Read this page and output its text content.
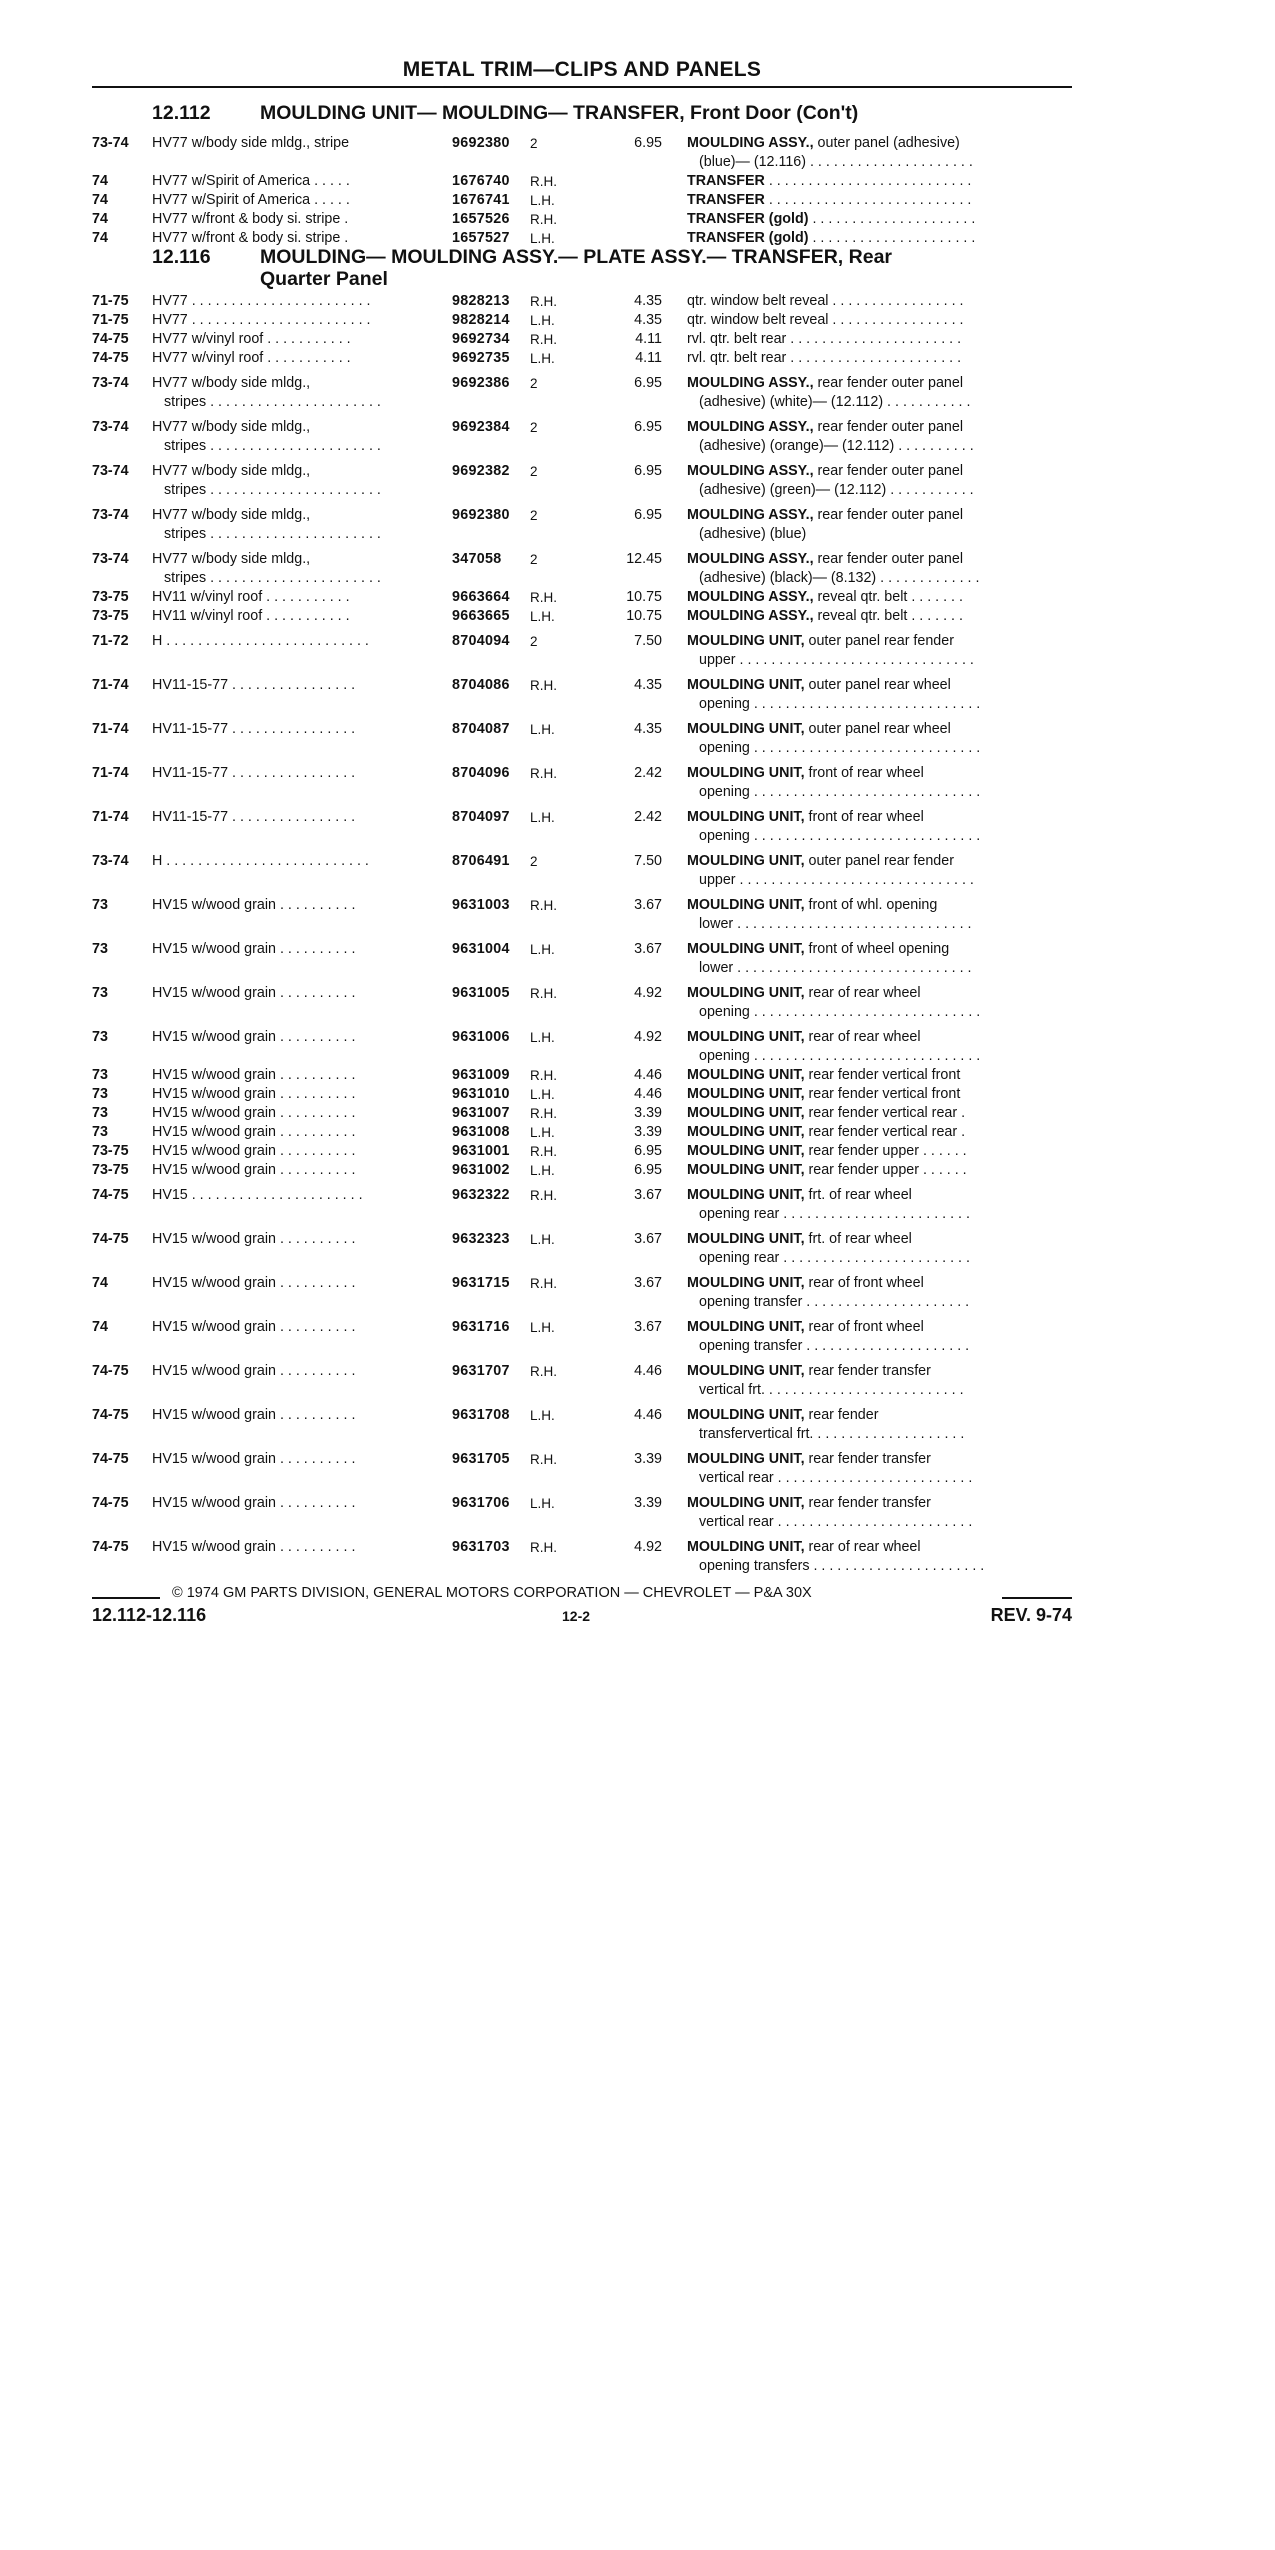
METAL TRIM—CLIPS AND PANELS
12.112	MOULDING UNIT— MOULDING— TRANSFER, Front Door (Con't)
73-74 HV77 w/body side mldg., stripe	9692380 2	6.95 MOULDING ASSY., outer panel (adhesive)
(blue)— (12.116) . . . . . . . . . . . . . . . . . . . . .
74	HV77 w/Spirit of America . . . . .	1676740 R.H.	TRANSFER . . . . . . . . . . . . . . . . . . . . . . . . . .
74	HV77 w/Spirit of America . . . . .	1676741 L.H.	TRANSFER . . . . . . . . . . . . . . . . . . . . . . . . . .
74	HV77 w/front & body si. stripe .	1657526 R.H.	TRANSFER (gold) . . . . . . . . . . . . . . . . . . . . .
74	HV77 w/front & body si. stripe .	1657527 L.H.	TRANSFER (gold) . . . . . . . . . . . . . . . . . . . . .
12.116	MOULDING— MOULDING ASSY.— PLATE ASSY.— TRANSFER, Rear
Quarter Panel
71-75 HV77 . . . . . . . . . . . . . . . . . . . . . . .	9828213 R.H.	4.35 qtr. window belt reveal . . . . . . . . . . . . . . . . .
71-75 HV77 . . . . . . . . . . . . . . . . . . . . . . .	9828214 L.H.	4.35 qtr. window belt reveal . . . . . . . . . . . . . . . . .
74-75 HV77 w/vinyl roof . . . . . . . . . . .	9692734 R.H.	4.11 rvl. qtr. belt rear . . . . . . . . . . . . . . . . . . . . . .
74-75 HV77 w/vinyl roof . . . . . . . . . . .	9692735 L.H.	4.11 rvl. qtr. belt rear . . . . . . . . . . . . . . . . . . . . . .
73-74 HV77 w/body side mldg.,
stripes . . . . . . . . . . . . . . . . . . . . . .
9692386 2	6.95 MOULDING ASSY., rear fender outer panel
(adhesive) (white)— (12.112) . . . . . . . . . . .
73-74 HV77 w/body side mldg.,
stripes . . . . . . . . . . . . . . . . . . . . . .
9692384 2	6.95 MOULDING ASSY., rear fender outer panel
(adhesive) (orange)— (12.112) . . . . . . . . . .
73-74 HV77 w/body side mldg.,
stripes . . . . . . . . . . . . . . . . . . . . . .
9692382 2	6.95 MOULDING ASSY., rear fender outer panel
(adhesive) (green)— (12.112) . . . . . . . . . . .
73-74 HV77 w/body side mldg.,
stripes . . . . . . . . . . . . . . . . . . . . . .
9692380 2	6.95 MOULDING ASSY., rear fender outer panel
(adhesive) (blue)
73-74 HV77 w/body side mldg.,
stripes . . . . . . . . . . . . . . . . . . . . . .
347058 2	12.45 MOULDING ASSY., rear fender outer panel
(adhesive) (black)— (8.132) . . . . . . . . . . . . .
73-75 HV11 w/vinyl roof . . . . . . . . . . .	9663664 R.H.	10.75 MOULDING ASSY., reveal qtr. belt . . . . . . .
73-75 HV11 w/vinyl roof . . . . . . . . . . .	9663665 L.H.	10.75 MOULDING ASSY., reveal qtr. belt . . . . . . .
71-72 H . . . . . . . . . . . . . . . . . . . . . . . . . .	8704094 2	7.50 MOULDING UNIT, outer panel rear fender
upper . . . . . . . . . . . . . . . . . . . . . . . . . . . . . .
71-74 HV11-15-77 . . . . . . . . . . . . . . . .	8704086 R.H.	4.35 MOULDING UNIT, outer panel rear wheel
opening . . . . . . . . . . . . . . . . . . . . . . . . . . . . .
71-74 HV11-15-77 . . . . . . . . . . . . . . . .	8704087 L.H.	4.35 MOULDING UNIT, outer panel rear wheel
opening . . . . . . . . . . . . . . . . . . . . . . . . . . . . .
71-74 HV11-15-77 . . . . . . . . . . . . . . . .	8704096 R.H.	2.42 MOULDING UNIT, front of rear wheel
opening . . . . . . . . . . . . . . . . . . . . . . . . . . . . .
71-74 HV11-15-77 . . . . . . . . . . . . . . . .	8704097 L.H.	2.42 MOULDING UNIT, front of rear wheel
opening . . . . . . . . . . . . . . . . . . . . . . . . . . . . .
73-74 H . . . . . . . . . . . . . . . . . . . . . . . . . .	8706491 2	7.50 MOULDING UNIT, outer panel rear fender
upper . . . . . . . . . . . . . . . . . . . . . . . . . . . . . .
73	HV15 w/wood grain . . . . . . . . . .	9631003 R.H.	3.67 MOULDING UNIT, front of whl. opening
lower . . . . . . . . . . . . . . . . . . . . . . . . . . . . . .
73	HV15 w/wood grain . . . . . . . . . .	9631004 L.H.	3.67 MOULDING UNIT, front of wheel opening
lower . . . . . . . . . . . . . . . . . . . . . . . . . . . . . .
73	HV15 w/wood grain . . . . . . . . . .	9631005 R.H.	4.92 MOULDING UNIT, rear of rear wheel
opening . . . . . . . . . . . . . . . . . . . . . . . . . . . . .
73	HV15 w/wood grain . . . . . . . . . .	9631006 L.H.	4.92 MOULDING UNIT, rear of rear wheel
opening . . . . . . . . . . . . . . . . . . . . . . . . . . . . .
73	HV15 w/wood grain . . . . . . . . . .	9631009 R.H.	4.46 MOULDING UNIT, rear fender vertical front
73	HV15 w/wood grain . . . . . . . . . .	9631010 L.H.	4.46 MOULDING UNIT, rear fender vertical front
73	HV15 w/wood grain . . . . . . . . . .	9631007 R.H.	3.39 MOULDING UNIT, rear fender vertical rear .
73	HV15 w/wood grain . . . . . . . . . .	9631008 L.H.	3.39 MOULDING UNIT, rear fender vertical rear .
73-75 HV15 w/wood grain . . . . . . . . . .	9631001 R.H.	6.95 MOULDING UNIT, rear fender upper . . . . . .
73-75 HV15 w/wood grain . . . . . . . . . .	9631002 L.H.	6.95 MOULDING UNIT, rear fender upper . . . . . .
74-75 HV15 . . . . . . . . . . . . . . . . . . . . . .	9632322 R.H.	3.67 MOULDING UNIT, frt. of rear wheel
opening rear . . . . . . . . . . . . . . . . . . . . . . . .
74-75 HV15 w/wood grain . . . . . . . . . .	9632323 L.H.	3.67 MOULDING UNIT, frt. of rear wheel
opening rear . . . . . . . . . . . . . . . . . . . . . . . .
74	HV15 w/wood grain . . . . . . . . . .	9631715 R.H.	3.67 MOULDING UNIT, rear of front wheel
opening transfer . . . . . . . . . . . . . . . . . . . . .
74	HV15 w/wood grain . . . . . . . . . .	9631716 L.H.	3.67 MOULDING UNIT, rear of front wheel
opening transfer . . . . . . . . . . . . . . . . . . . . .
74-75 HV15 w/wood grain . . . . . . . . . .	9631707 R.H.	4.46 MOULDING UNIT, rear fender transfer
vertical frt. . . . . . . . . . . . . . . . . . . . . . . . . .
74-75 HV15 w/wood grain . . . . . . . . . .	9631708 L.H.	4.46 MOULDING UNIT, rear fender
transfervertical frt. . . . . . . . . . . . . . . . . . . .
74-75 HV15 w/wood grain . . . . . . . . . .	9631705 R.H.	3.39 MOULDING UNIT, rear fender transfer
vertical rear . . . . . . . . . . . . . . . . . . . . . . . . .
74-75 HV15 w/wood grain . . . . . . . . . .	9631706 L.H.	3.39 MOULDING UNIT, rear fender transfer
vertical rear . . . . . . . . . . . . . . . . . . . . . . . . .
74-75 HV15 w/wood grain . . . . . . . . . .	9631703 R.H.	4.92 MOULDING UNIT, rear of rear wheel
opening transfers . . . . . . . . . . . . . . . . . . . . . .
© 1974 GM PARTS DIVISION, GENERAL MOTORS CORPORATION — CHEVROLET — P&A 30X
12.112-12.116	12-2	REV. 9-74
